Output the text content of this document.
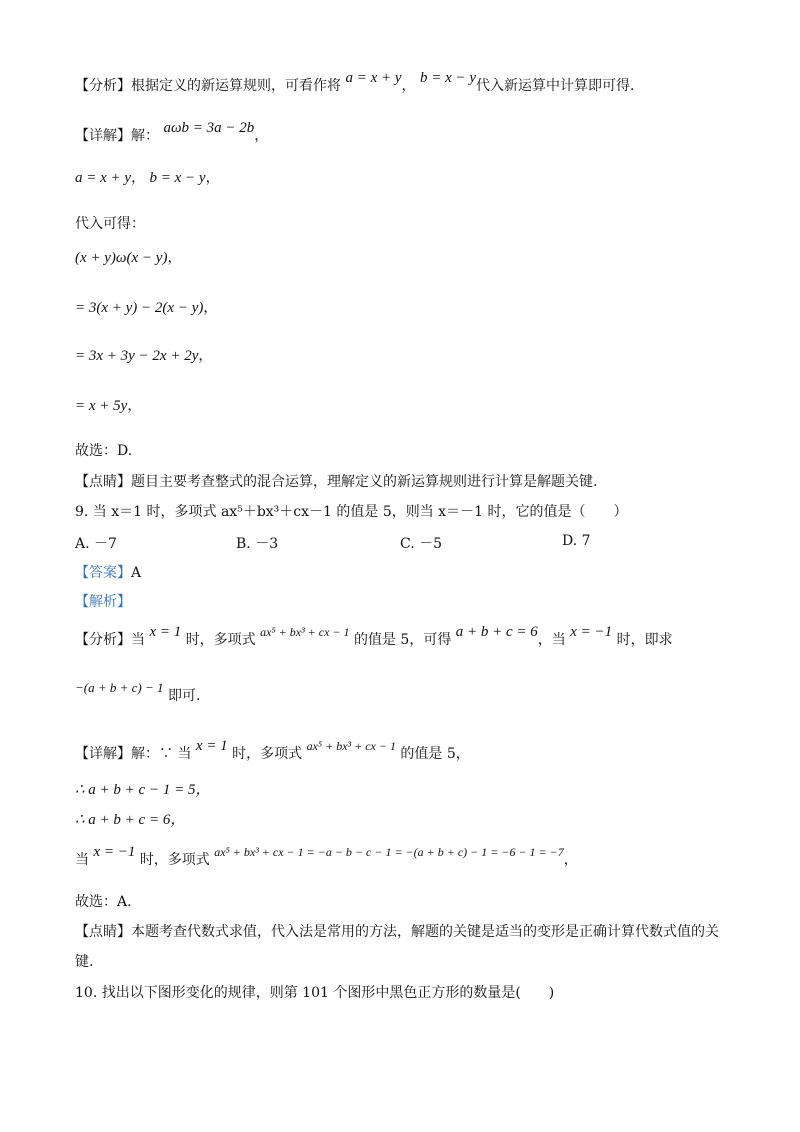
【分析】根据定义的新运算规则，可看作将 a = x + y， b = x − y代入新运算中计算即可得.
【详解】解： aωb = 3a − 2b，
a = x + y， b = x − y，
代入可得：
(x + y)ω(x − y)，
= 3(x + y) − 2(x − y)，
= 3x + 3y − 2x + 2y，
= x + 5y，
故选：D.
【点睛】题目主要考查整式的混合运算，理解定义的新运算规则进行计算是解题关键.
9. 当 x＝1 时，多项式 ax⁵＋bx³＋cx－1 的值是 5，则当 x＝－1 时，它的值是（　　）
A. －7	B. －3	C. －5	D. 7
【答案】A
【解析】
【分析】当 x = 1 时，多项式 ax⁵ + bx³ + cx − 1 的值是 5，可得 a + b + c = 6，当 x = −1 时，即求
−(a + b + c) − 1 即可.
【详解】解：∵ 当 x = 1 时，多项式 ax⁵ + bx³ + cx − 1 的值是 5，
∴ a + b + c − 1 = 5，
∴ a + b + c = 6，
当 x = −1 时，多项式 ax⁵ + bx³ + cx − 1 = −a − b − c − 1 = −(a + b + c) − 1 = −6 − 1 = −7，
故选：A.
【点睛】本题考查代数式求值，代入法是常用的方法，解题的关键是适当的变形是正确计算代数式值的关
键.
10. 找出以下图形变化的规律，则第 101 个图形中黑色正方形的数量是(　　)
